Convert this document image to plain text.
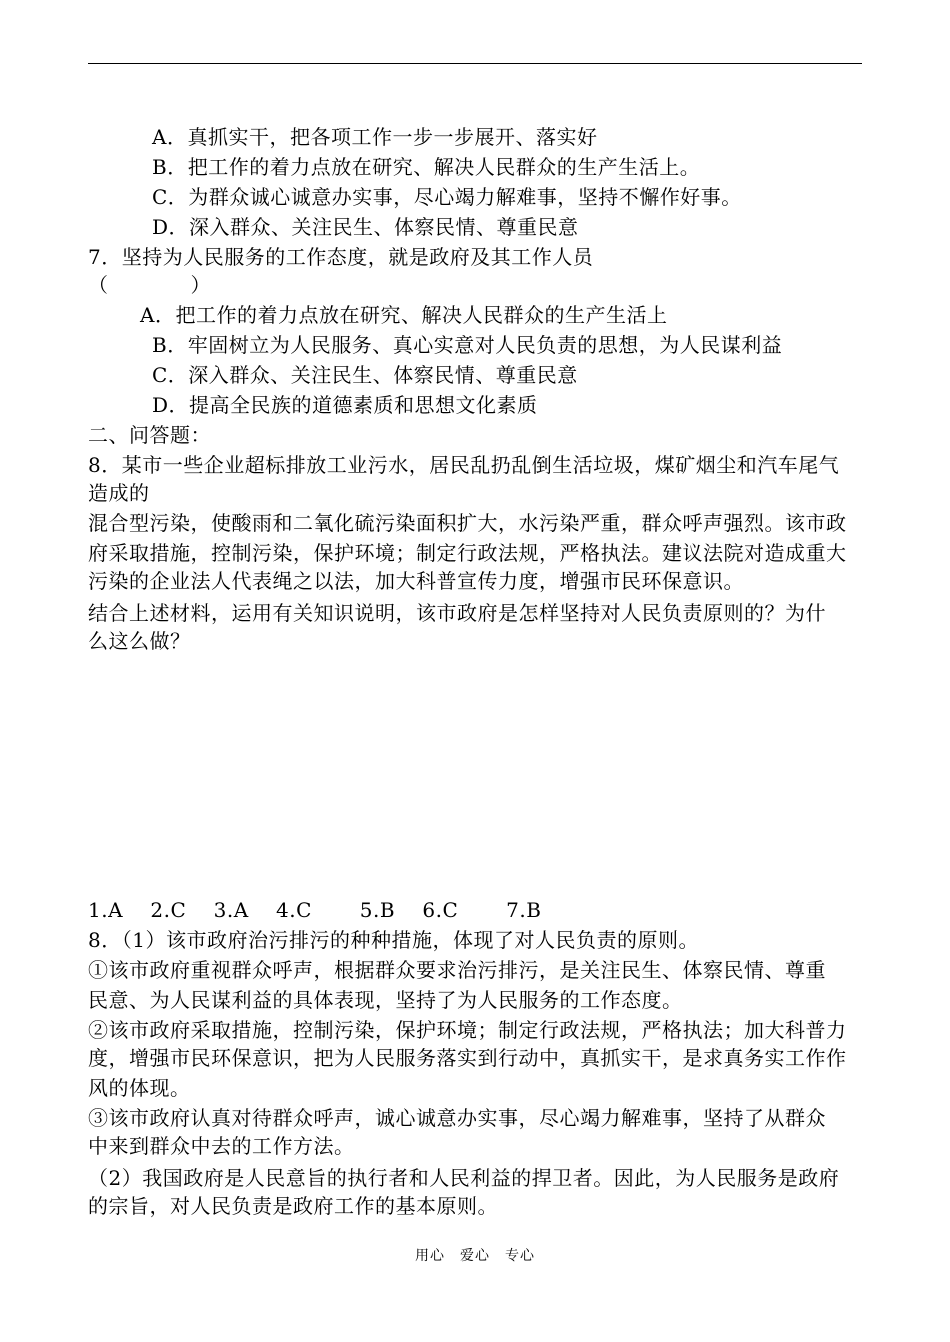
A．真抓实干，把各项工作一步一步展开、落实好
B．把工作的着力点放在研究、解决人民群众的生产生活上。
C．为群众诚心诚意办实事，尽心竭力解难事，坚持不懈作好事。
D．深入群众、关注民生、体察民情、尊重民意
7．坚持为人民服务的工作态度，就是政府及其工作人员
（　　　　）
A．把工作的着力点放在研究、解决人民群众的生产生活上
B．牢固树立为人民服务、真心实意对人民负责的思想，为人民谋利益
C．深入群众、关注民生、体察民情、尊重民意
D．提高全民族的道德素质和思想文化素质
二、问答题：
8．某市一些企业超标排放工业污水，居民乱扔乱倒生活垃圾，煤矿烟尘和汽车尾气
造成的
混合型污染，使酸雨和二氧化硫污染面积扩大，水污染严重，群众呼声强烈。该市政
府采取措施，控制污染，保护环境；制定行政法规，严格执法。建议法院对造成重大
污染的企业法人代表绳之以法，加大科普宣传力度，增强市民环保意识。
结合上述材料，运用有关知识说明，该市政府是怎样坚持对人民负责原则的？为什
么这么做？
1.A　 2.C　 3.A　 4.C　　 5.B　 6.C　　 7.B
8．（1）该市政府治污排污的种种措施，体现了对人民负责的原则。
①该市政府重视群众呼声，根据群众要求治污排污，是关注民生、体察民情、尊重
民意、为人民谋利益的具体表现，坚持了为人民服务的工作态度。
②该市政府采取措施，控制污染，保护环境；制定行政法规，严格执法；加大科普力
度，增强市民环保意识，把为人民服务落实到行动中，真抓实干，是求真务实工作作
风的体现。
③该市政府认真对待群众呼声，诚心诚意办实事，尽心竭力解难事，坚持了从群众
中来到群众中去的工作方法。
（2）我国政府是人民意旨的执行者和人民利益的捍卫者。因此，为人民服务是政府
的宗旨，对人民负责是政府工作的基本原则。
用心　爱心　专心
